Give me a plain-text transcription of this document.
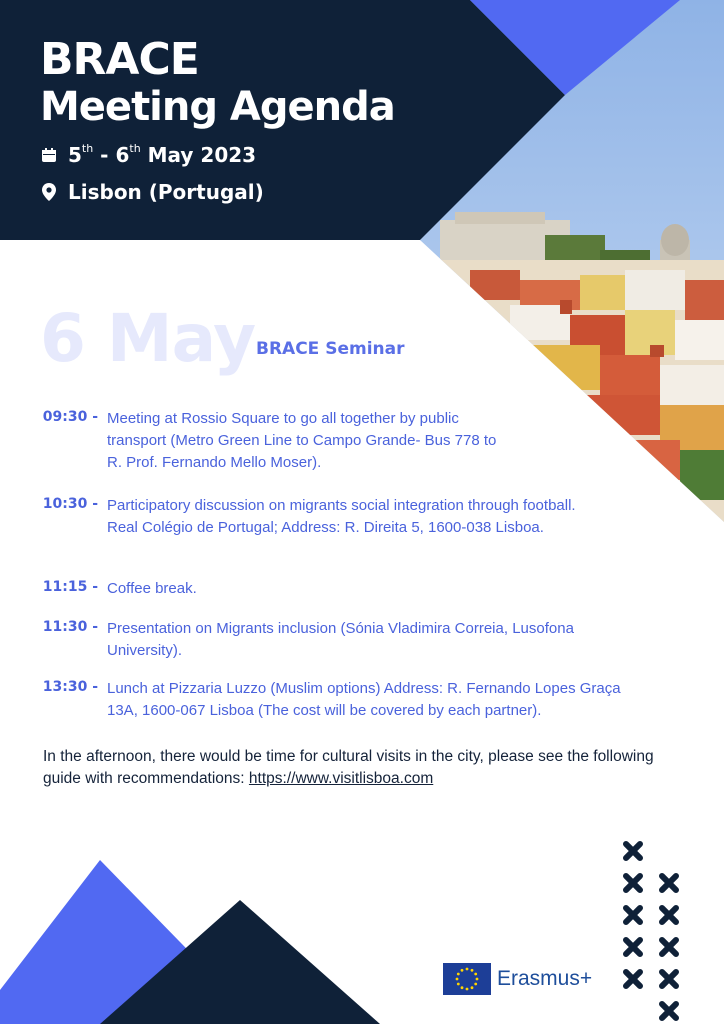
BRACE
Meeting Agenda
5th - 6th May 2023
Lisbon (Portugal)
6 May BRACE Seminar
09:30 - Meeting at Rossio Square to go all together by public transport (Metro Green Line to Campo Grande- Bus 778 to R. Prof. Fernando Mello Moser).
10:30 - Participatory discussion on migrants social integration through football. Real Colégio de Portugal; Address: R. Direita 5, 1600-038 Lisboa.
11:15 - Coffee break.
11:30 - Presentation on Migrants inclusion (Sónia Vladimira Correia, Lusofona University).
13:30 - Lunch at Pizzaria Luzzo (Muslim options) Address: R. Fernando Lopes Graça 13A, 1600-067 Lisboa (The cost will be covered by each partner).
In the afternoon, there would be time for cultural visits in the city, please see the following guide with recommendations: https://www.visitlisboa.com
Erasmus+
